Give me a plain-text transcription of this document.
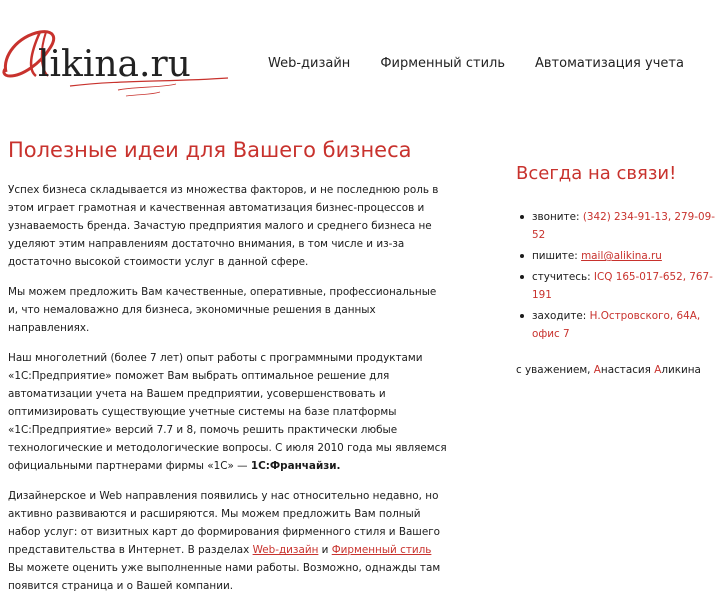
likina.ru	Web-дизайн Фирменный стиль Автоматизация учета
Полезные идеи для Вашего бизнеса

Успех бизнеса складывается из множества факторов, и не последнюю роль в этом играет грамотная и качественная автоматизация бизнес-процессов и узнаваемость бренда. Зачастую предприятия малого и среднего бизнеса не уделяют этим направлениям достаточно внимания, в том числе и из-за достаточно высокой стоимости услуг в данной сфере.

Мы можем предложить Вам качественные, оперативные, профессиональные и, что немаловажно для бизнеса, экономичные решения в данных направлениях.

Наш многолетний (более 7 лет) опыт работы с программными продуктами «1С:Предприятие» поможет Вам выбрать оптимальное решение для автоматизации учета на Вашем предприятии, усовершенствовать и оптимизировать существующие учетные системы на базе платформы «1С:Предприятие» версий 7.7 и 8, помочь решить практически любые технологические и методологические вопросы. С июля 2010 года мы являемся официальными партнерами фирмы «1С» — 1С:Франчайзи.

Дизайнерское и Web направления появились у нас относительно недавно, но активно развиваются и расширяются. Мы можем предложить Вам полный набор услуг: от визитных карт до формирования фирменного стиля и Вашего представительства в Интернет. В разделах Web-дизайн и Фирменный стиль
Вы можете оценить уже выполненные нами работы. Возможно, однажды там появится страница и о Вашей компании.

Всегда на связи!
звоните: (342) 234-91-13, 279-09-52
пишите: mail@alikina.ru
стучитесь: ICQ 165-017-652, 767-191
заходите: Н.Островского, 64А, офис 7
с уважением, Анастасия Аликина
